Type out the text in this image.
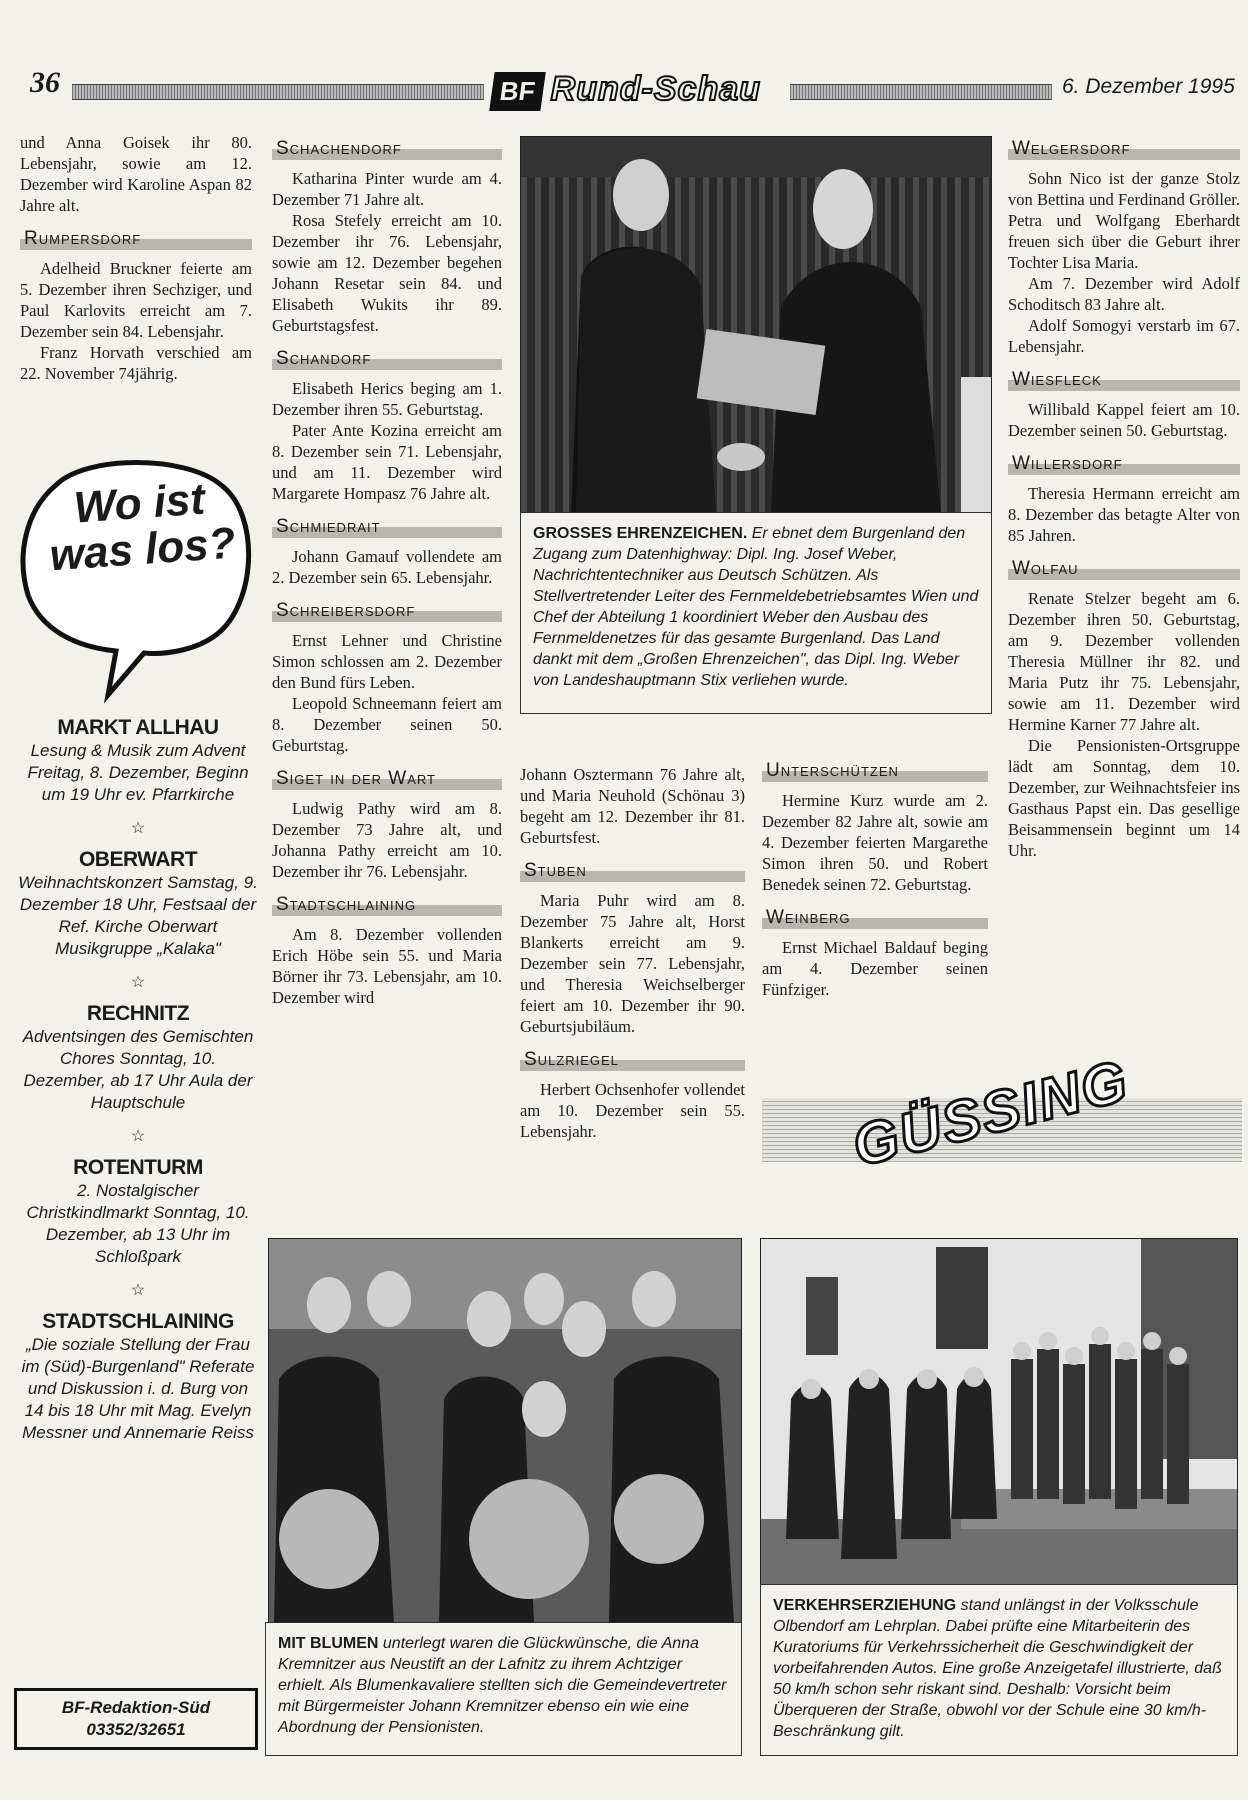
36	BF Rund-Schau	6. Dezember 1995

und Anna Goisek ihr 80. Lebensjahr, sowie am 12. Dezember wird Karoline Aspan 82 Jahre alt.

Rumpersdorf

Adelheid Bruckner feierte am 5. Dezember ihren Sechziger, und Paul Karlovits erreicht am 7. Dezember sein 84. Lebensjahr.

Franz Horvath verschied am 22. November 74jährig.

Wo ist was los?
MARKT ALLHAU
Lesung & Musik zum Advent Freitag, 8. Dezember, Beginn um 19 Uhr ev. Pfarrkirche
☆
OBERWART
Weihnachtskonzert Samstag, 9. Dezember 18 Uhr, Festsaal der Ref. Kirche Oberwart Musikgruppe „Kalaka"
☆
RECHNITZ
Adventsingen des Gemischten Chores Sonntag, 10. Dezember, ab 17 Uhr Aula der Hauptschule
☆
ROTENTURM
2. Nostalgischer Christkindlmarkt Sonntag, 10. Dezember, ab 13 Uhr im Schloßpark
☆
STADTSCHLAINING
„Die soziale Stellung der Frau im (Süd)-Burgenland" Referate und Diskussion i. d. Burg von 14 bis 18 Uhr mit Mag. Evelyn Messner und Annemarie Reiss
BF-Redaktion-Süd
03352/32651
Schachendorf

Katharina Pinter wurde am 4. Dezember 71 Jahre alt.

Rosa Stefely erreicht am 10. Dezember ihr 76. Lebensjahr, sowie am 12. Dezember begehen Johann Resetar sein 84. und Elisabeth Wukits ihr 89. Geburtstagsfest.

Schandorf

Elisabeth Herics beging am 1. Dezember ihren 55. Geburtstag.

Pater Ante Kozina erreicht am 8. Dezember sein 71. Lebensjahr, und am 11. Dezember wird Margarete Hompasz 76 Jahre alt.

Schmiedrait

Johann Gamauf vollendete am 2. Dezember sein 65. Lebensjahr.

Schreibersdorf

Ernst Lehner und Christine Simon schlossen am 2. Dezember den Bund fürs Leben.

Leopold Schneemann feiert am 8. Dezember seinen 50. Geburtstag.

Siget in der Wart

Ludwig Pathy wird am 8. Dezember 73 Jahre alt, und Johanna Pathy erreicht am 10. Dezember ihr 76. Lebensjahr.

Stadtschlaining

Am 8. Dezember vollenden Erich Höbe sein 55. und Maria Börner ihr 73. Lebensjahr, am 10. Dezember wird

GROSSES EHRENZEICHEN. Er ebnet dem Burgenland den Zugang zum Datenhighway: Dipl. Ing. Josef Weber, Nachrichtentechniker aus Deutsch Schützen. Als Stellvertretender Leiter des Fernmeldebetriebsamtes Wien und Chef der Abteilung 1 koordiniert Weber den Ausbau des Fernmeldenetzes für das gesamte Burgenland. Das Land dankt mit dem „Großen Ehrenzeichen", das Dipl. Ing. Weber von Landeshauptmann Stix verliehen wurde.

Johann Osztermann 76 Jahre alt, und Maria Neuhold (Schönau 3) begeht am 12. Dezember ihr 81. Geburtsfest.

Stuben

Maria Puhr wird am 8. Dezember 75 Jahre alt, Horst Blankerts erreicht am 9. Dezember sein 77. Lebensjahr, und Theresia Weichselberger feiert am 10. Dezember ihr 90. Geburtsjubiläum.

Sulzriegel

Herbert Ochsenhofer vollendet am 10. Dezember sein 55. Lebensjahr.

Unterschützen

Hermine Kurz wurde am 2. Dezember 82 Jahre alt, sowie am 4. Dezember feierten Margarethe Simon ihren 50. und Robert Benedek seinen 72. Geburtstag.

Weinberg

Ernst Michael Baldauf beging am 4. Dezember seinen Fünfziger.

Welgersdorf

Sohn Nico ist der ganze Stolz von Bettina und Ferdinand Gröller. Petra und Wolfgang Eberhardt freuen sich über die Geburt ihrer Tochter Lisa Maria.

Am 7. Dezember wird Adolf Schoditsch 83 Jahre alt.

Adolf Somogyi verstarb im 67. Lebensjahr.

Wiesfleck

Willibald Kappel feiert am 10. Dezember seinen 50. Geburtstag.

Willersdorf

Theresia Hermann erreicht am 8. Dezember das betagte Alter von 85 Jahren.

Wolfau

Renate Stelzer begeht am 6. Dezember ihren 50. Geburtstag, am 9. Dezember vollenden Theresia Müllner ihr 82. und Maria Putz ihr 75. Lebensjahr, sowie am 11. Dezember wird Hermine Karner 77 Jahre alt.

Die Pensionisten-Ortsgruppe lädt am Sonntag, dem 10. Dezember, zur Weihnachtsfeier ins Gasthaus Papst ein. Das gesellige Beisammensein beginnt um 14 Uhr.

GÜSSING
MIT BLUMEN unterlegt waren die Glückwünsche, die Anna Kremnitzer aus Neustift an der Lafnitz zu ihrem Achtziger erhielt. Als Blumenkavaliere stellten sich die Gemeindevertreter mit Bürgermeister Johann Kremnitzer ebenso ein wie eine Abordnung der Pensionisten.
VERKEHRSERZIEHUNG stand unlängst in der Volksschule Olbendorf am Lehrplan. Dabei prüfte eine Mitarbeiterin des Kuratoriums für Verkehrssicherheit die Geschwindigkeit der vorbeifahrenden Autos. Eine große Anzeigetafel illustrierte, daß 50 km/h schon sehr riskant sind. Deshalb: Vorsicht beim Überqueren der Straße, obwohl vor der Schule eine 30 km/h-Beschränkung gilt.
